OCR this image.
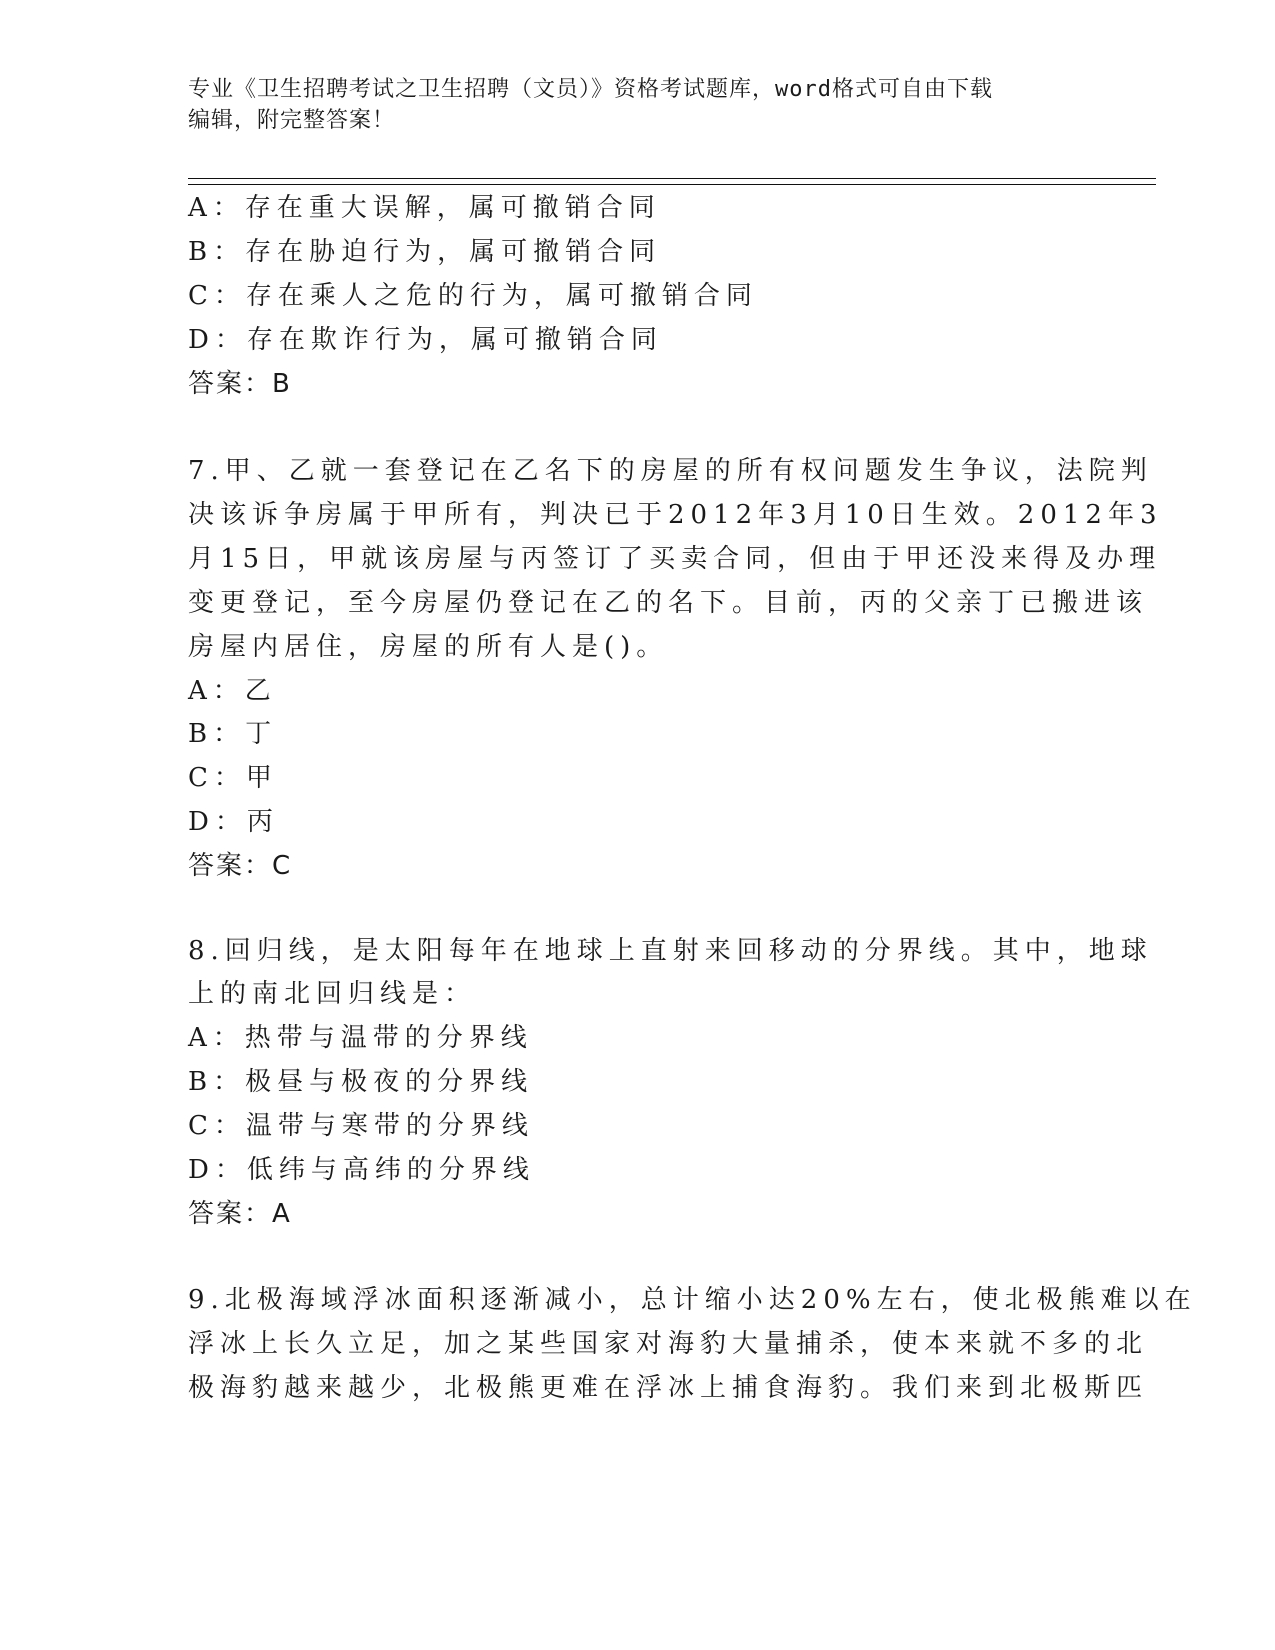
专业《卫生招聘考试之卫生招聘（文员）》资格考试题库，word格式可自由下载
编辑，附完整答案！
A：存在重大误解，属可撤销合同
B：存在胁迫行为，属可撤销合同
C：存在乘人之危的行为，属可撤销合同
D：存在欺诈行为，属可撤销合同
答案：B
7.甲、乙就一套登记在乙名下的房屋的所有权问题发生争议，法院判
决该诉争房属于甲所有，判决已于2012年3月10日生效。2012年3
月15日，甲就该房屋与丙签订了买卖合同，但由于甲还没来得及办理
变更登记，至今房屋仍登记在乙的名下。目前，丙的父亲丁已搬进该
房屋内居住，房屋的所有人是()。
A：乙
B：丁
C：甲
D：丙
答案：C
8.回归线，是太阳每年在地球上直射来回移动的分界线。其中，地球
上的南北回归线是：
A：热带与温带的分界线
B：极昼与极夜的分界线
C：温带与寒带的分界线
D：低纬与高纬的分界线
答案：A
9.北极海域浮冰面积逐渐减小，总计缩小达20%左右，使北极熊难以在
浮冰上长久立足，加之某些国家对海豹大量捕杀，使本来就不多的北
极海豹越来越少，北极熊更难在浮冰上捕食海豹。我们来到北极斯匹
